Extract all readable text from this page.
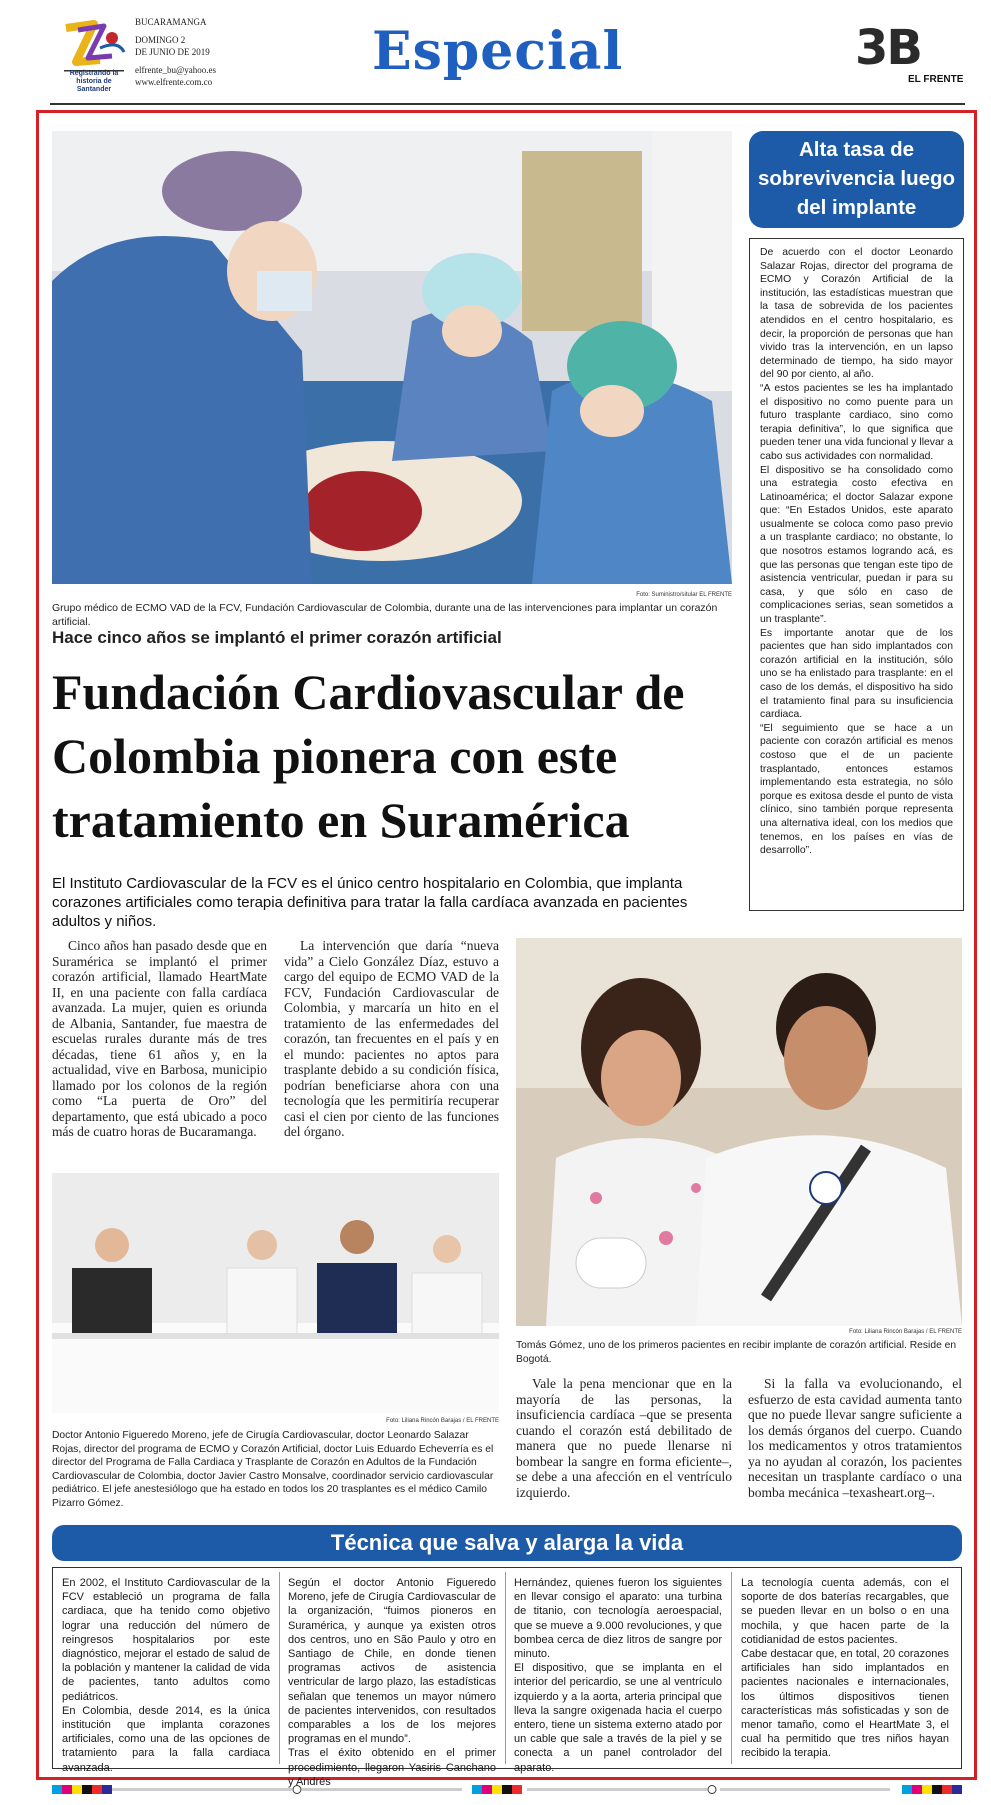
Registrando la historia de Santander
BUCARAMANGA
DOMINGO 2
DE JUNIO DE 2019
elfrente_bu@yahoo.es
www.elfrente.com.co	Especial	3B
EL FRENTE
Foto: Suministro/sitular EL FRENTE
Grupo médico de ECMO VAD de la FCV, Fundación Cardiovascular de Colombia, durante una de las intervenciones para implantar un corazón artificial.
Hace cinco años se implantó el primer corazón artificial
Fundación Cardiovascular de Colombia pionera con este tratamiento en Suramérica
El Instituto Cardiovascular de la FCV es el único centro hospitalario en Colombia, que implanta corazones artificiales como terapia definitiva para tratar la falla cardíaca avanzada en pacientes adultos y niños.
Alta tasa de sobrevivencia luego del implante

De acuerdo con el doctor Leonardo Salazar Rojas, director del programa de ECMO y Corazón Artificial de la institución, las estadísticas muestran que la tasa de sobrevida de los pacientes atendidos en el centro hospitalario, es decir, la proporción de personas que han vivido tras la intervención, en un lapso determinado de tiempo, ha sido mayor del 90 por ciento, al año.

“A estos pacientes se les ha implantado el dispositivo no como puente para un futuro trasplante cardiaco, sino como terapia definitiva”, lo que significa que pueden tener una vida funcional y llevar a cabo sus actividades con normalidad.

El dispositivo se ha consolidado como una estrategia costo efectiva en Latinoamérica; el doctor Salazar expone que: “En Estados Unidos, este aparato usualmente se coloca como paso previo a un trasplante cardiaco; no obstante, lo que nosotros estamos logrando acá, es que las personas que tengan este tipo de asistencia ventricular, puedan ir para su casa, y que sólo en caso de complicaciones serias, sean sometidos a un trasplante”.

Es importante anotar que de los pacientes que han sido implantados con corazón artificial en la institución, sólo uno se ha enlistado para trasplante: en el caso de los demás, el dispositivo ha sido el tratamiento final para su insuficiencia cardiaca.

“El seguimiento que se hace a un paciente con corazón artificial es menos costoso que el de un paciente trasplantado, entonces estamos implementando esta estrategia, no sólo porque es exitosa desde el punto de vista clínico, sino también porque representa una alternativa ideal, con los medios que tenemos, en los países en vías de desarrollo”.

Cinco años han pasado desde que en Suramérica se implantó el primer corazón artificial, llamado HeartMate II, en una paciente con falla cardíaca avanzada. La mujer, quien es oriunda de Albania, Santander, fue maestra de escuelas rurales durante más de tres décadas, tiene 61 años y, en la actualidad, vive en Barbosa, municipio llamado por los colonos de la región como “La puerta de Oro” del departamento, que está ubicado a poco más de cuatro horas de Bucaramanga.

La intervención que daría “nueva vida” a Cielo González Díaz, estuvo a cargo del equipo de ECMO VAD de la FCV, Fundación Cardiovascular de Colombia, y marcaría un hito en el tratamiento de las enfermedades del corazón, tan frecuentes en el país y en el mundo: pacientes no aptos para trasplante debido a su condición física, podrían beneficiarse ahora con una tecnología que les permitiría recuperar casi el cien por ciento de las funciones del órgano.

Foto: Liliana Rincón Barajas / EL FRENTE
Doctor Antonio Figueredo Moreno, jefe de Cirugía Cardiovascular, doctor Leonardo Salazar Rojas, director del programa de ECMO y Corazón Artificial, doctor Luis Eduardo Echeverría es el director del Programa de Falla Cardiaca y Trasplante de Corazón en Adultos de la Fundación Cardiovascular de Colombia, doctor Javier Castro Monsalve, coordinador servicio cardiovascular pediátrico. El jefe anestesiólogo que ha estado en todos los 20 trasplantes es el médico Camilo Pizarro Gómez.
Foto: Liliana Rincón Barajas / EL FRENTE
Tomás Gómez, uno de los primeros pacientes en recibir implante de corazón artificial. Reside en Bogotá.

Vale la pena mencionar que en la mayoría de las personas, la insuficiencia cardíaca –que se presenta cuando el corazón está debilitado de manera que no puede llenarse ni bombear la sangre en forma eficiente–, se debe a una afección en el ventrículo izquierdo.

Si la falla va evolucionando, el esfuerzo de esta cavidad aumenta tanto que no puede llevar sangre suficiente a los demás órganos del cuerpo. Cuando los medicamentos y otros tratamientos ya no ayudan al corazón, los pacientes necesitan un trasplante cardíaco o una bomba mecánica –texasheart.org–.

Técnica que salva y alarga la vida

En 2002, el Instituto Cardiovascular de la FCV estableció un programa de falla cardiaca, que ha tenido como objetivo lograr una reducción del número de reingresos hospitalarios por este diagnóstico, mejorar el estado de salud de la población y mantener la calidad de vida de pacientes, tanto adultos como pediátricos.

En Colombia, desde 2014, es la única institución que implanta corazones artificiales, como una de las opciones de tratamiento para la falla cardiaca avanzada.

Según el doctor Antonio Figueredo Moreno, jefe de Cirugía Cardiovascular de la organización, “fuimos pioneros en Suramérica, y aunque ya existen otros dos centros, uno en São Paulo y otro en Santiago de Chile, en donde tienen programas activos de asistencia ventricular de largo plazo, las estadísticas señalan que tenemos un mayor número de pacientes intervenidos, con resultados comparables a los de los mejores programas en el mundo”.

Tras el éxito obtenido en el primer procedimiento, llegaron Yasiris Canchano y Andrés

Hernández, quienes fueron los siguientes en llevar consigo el aparato: una turbina de titanio, con tecnología aeroespacial, que se mueve a 9.000 revoluciones, y que bombea cerca de diez litros de sangre por minuto.

El dispositivo, que se implanta en el interior del pericardio, se une al ventrículo izquierdo y a la aorta, arteria principal que lleva la sangre oxigenada hacia el cuerpo entero, tiene un sistema externo atado por un cable que sale a través de la piel y se conecta a un panel controlador del aparato.

La tecnología cuenta además, con el soporte de dos baterías recargables, que se pueden llevar en un bolso o en una mochila, y que hacen parte de la cotidianidad de estos pacientes.

Cabe destacar que, en total, 20 corazones artificiales han sido implantados en pacientes nacionales e internacionales, los últimos dispositivos tienen características más sofisticadas y son de menor tamaño, como el HeartMate 3, el cual ha permitido que tres niños hayan recibido la terapia.
